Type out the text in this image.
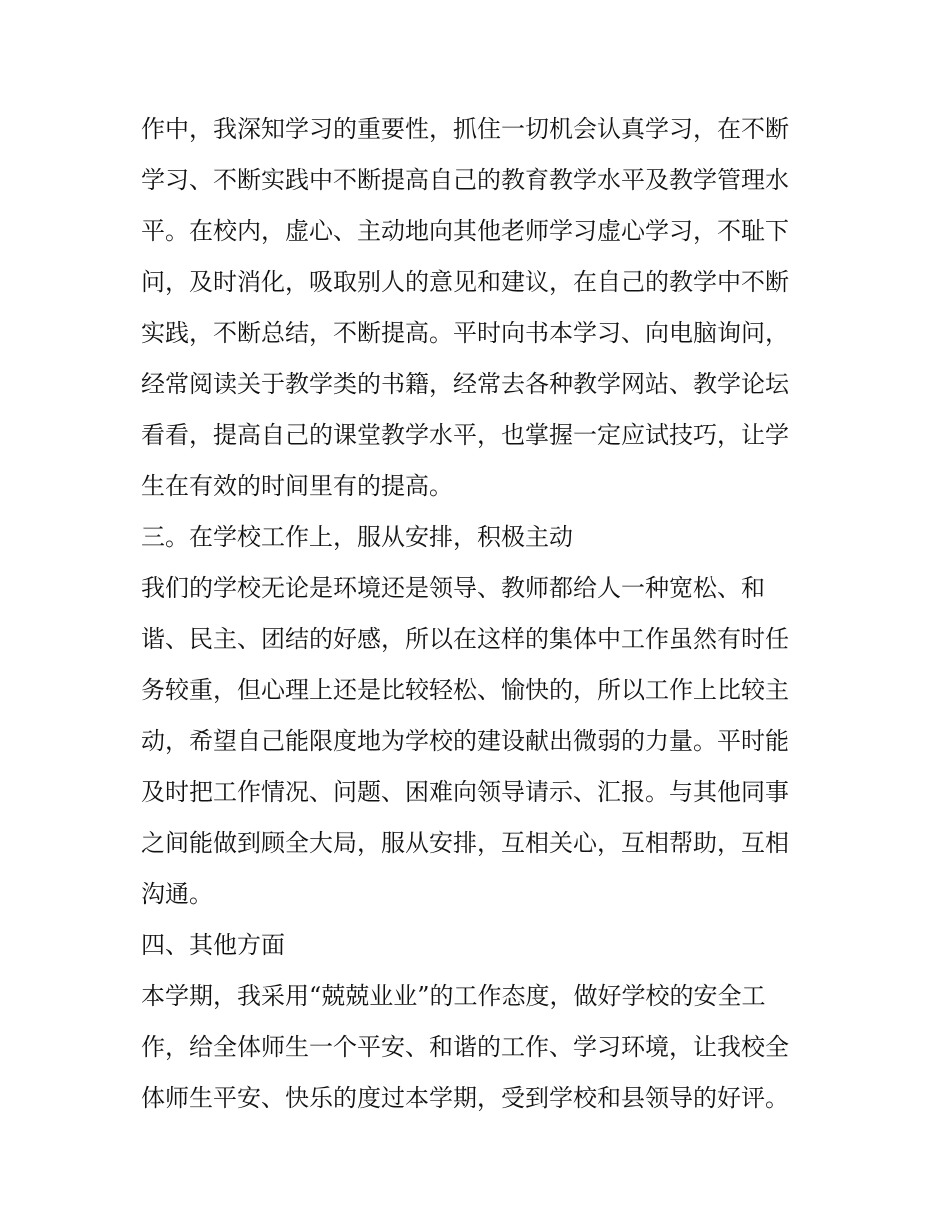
作中，我深知学习的重要性，抓住一切机会认真学习，在不断
学习、不断实践中不断提高自己的教育教学水平及教学管理水
平。在校内，虚心、主动地向其他老师学习虚心学习，不耻下
问，及时消化，吸取别人的意见和建议，在自己的教学中不断
实践，不断总结，不断提高。平时向书本学习、向电脑询问，
经常阅读关于教学类的书籍，经常去各种教学网站、教学论坛
看看，提高自己的课堂教学水平，也掌握一定应试技巧，让学
生在有效的时间里有的提高。
三。在学校工作上，服从安排，积极主动
我们的学校无论是环境还是领导、教师都给人一种宽松、和
谐、民主、团结的好感，所以在这样的集体中工作虽然有时任
务较重，但心理上还是比较轻松、愉快的，所以工作上比较主
动，希望自己能限度地为学校的建设献出微弱的力量。平时能
及时把工作情况、问题、困难向领导请示、汇报。与其他同事
之间能做到顾全大局，服从安排，互相关心，互相帮助，互相
沟通。
四、其他方面
本学期，我采用“兢兢业业”的工作态度，做好学校的安全工
作，给全体师生一个平安、和谐的工作、学习环境，让我校全
体师生平安、快乐的度过本学期，受到学校和县领导的好评。
